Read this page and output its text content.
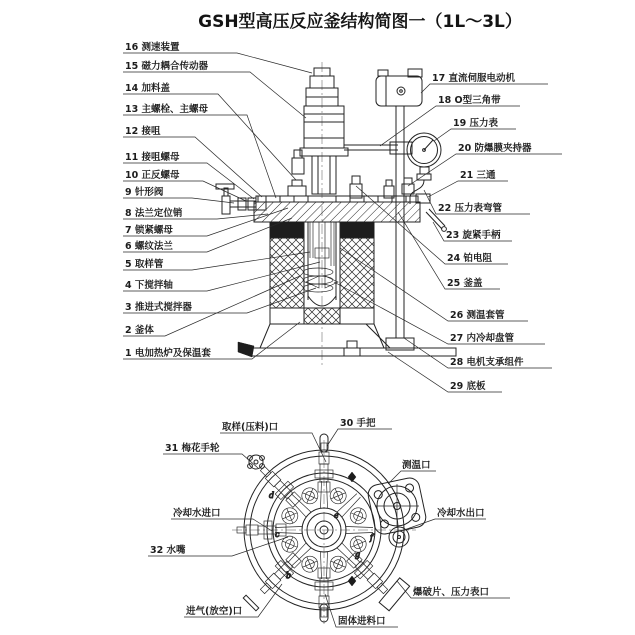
GSH型高压反应釜结构简图一（1L～3L）
d
c
b
e
f
g
16 测速装置
15 磁力耦合传动器
14 加料盖
13 主螺栓、主螺母
12 接咀
11 接咀螺母
10 正反螺母
9 针形阀
8 法兰定位销
7 锁紧螺母
6 螺纹法兰
5 取样管
4 下搅拌轴
3 推进式搅拌器
2 釜体
1 电加热炉及保温套
17 直流伺服电动机
18 O型三角带
19 压力表
20 防爆膜夹持器
21 三通
22 压力表弯管
23 旋紧手柄
24 铂电阻
25 釜盖
26 测温套管
27 内冷却盘管
28 电机支承组件
29 底板
取样(压料)口	30 手把
31 梅花手轮
测温口
冷却水进口	冷却水出口
32 水嘴
进气(放空)口
爆破片、压力表口
固体进料口
